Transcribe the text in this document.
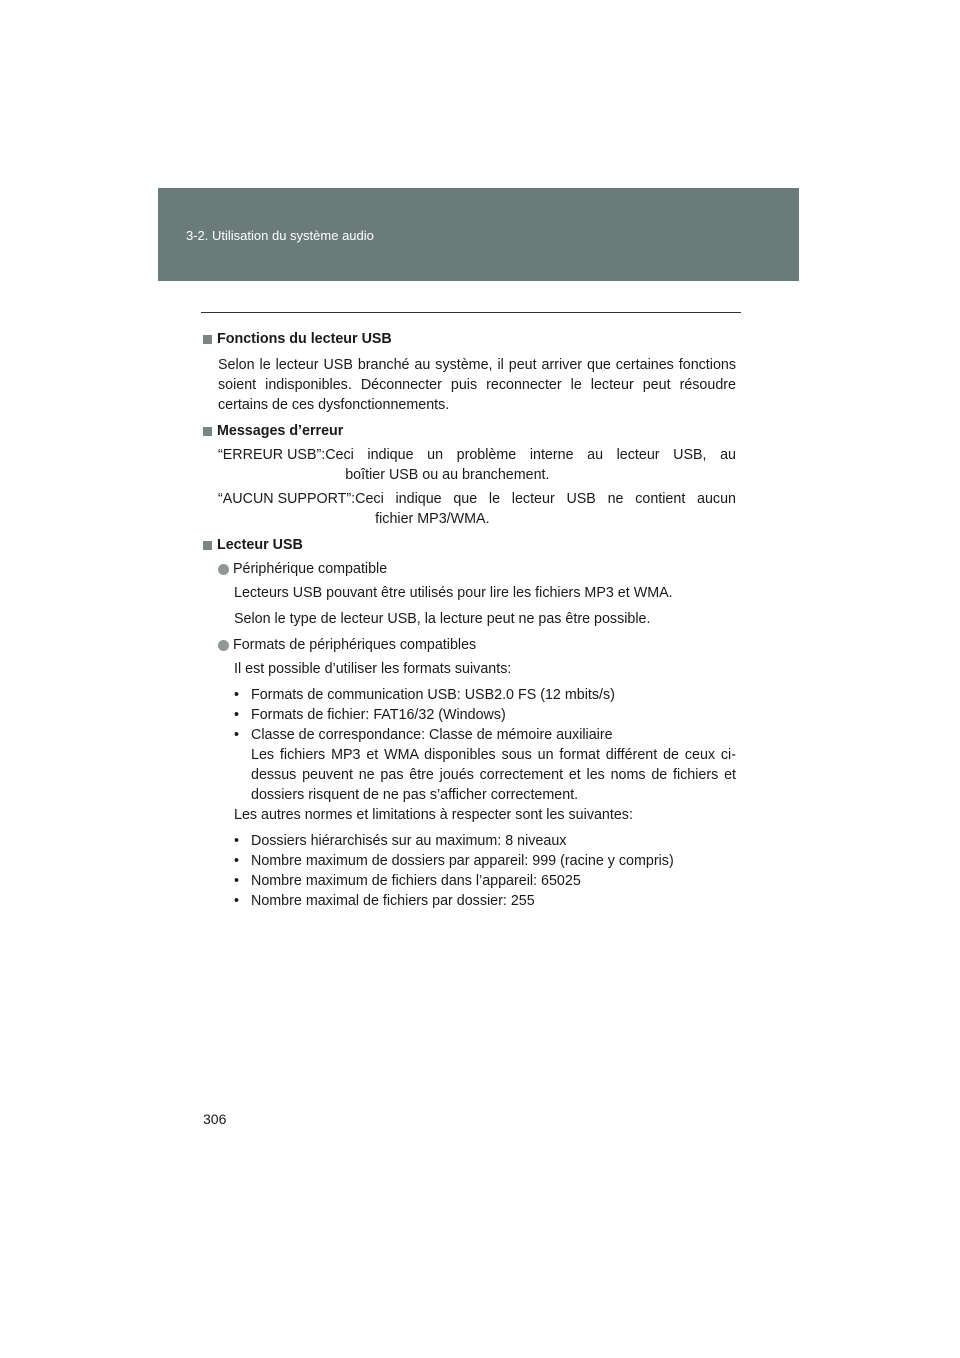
3-2. Utilisation du système audio
Fonctions du lecteur USB
Selon le lecteur USB branché au système, il peut arriver que certaines fonctions soient indisponibles. Déconnecter puis reconnecter le lecteur peut résoudre certains de ces dysfonctionnements.
Messages d’erreur
“ERREUR USB”: Ceci indique un problème interne au lecteur USB, au
boîtier USB ou au branchement.
“AUCUN SUPPORT”: Ceci indique que le lecteur USB ne contient aucun
fichier MP3/WMA.
Lecteur USB
Périphérique compatible
Lecteurs USB pouvant être utilisés pour lire les fichiers MP3 et WMA.
Selon le type de lecteur USB, la lecture peut ne pas être possible.
Formats de périphériques compatibles
Il est possible d’utiliser les formats suivants:
• Formats de communication USB: USB2.0 FS (12 mbits/s)
• Formats de fichier: FAT16/32 (Windows)
• Classe de correspondance: Classe de mémoire auxiliaire
Les fichiers MP3 et WMA disponibles sous un format différent de ceux ci-dessus peuvent ne pas être joués correctement et les noms de fichiers et dossiers risquent de ne pas s’afficher correctement.
Les autres normes et limitations à respecter sont les suivantes:
• Dossiers hiérarchisés sur au maximum: 8 niveaux
• Nombre maximum de dossiers par appareil: 999 (racine y compris)
• Nombre maximum de fichiers dans l’appareil: 65025
• Nombre maximal de fichiers par dossier: 255
306
